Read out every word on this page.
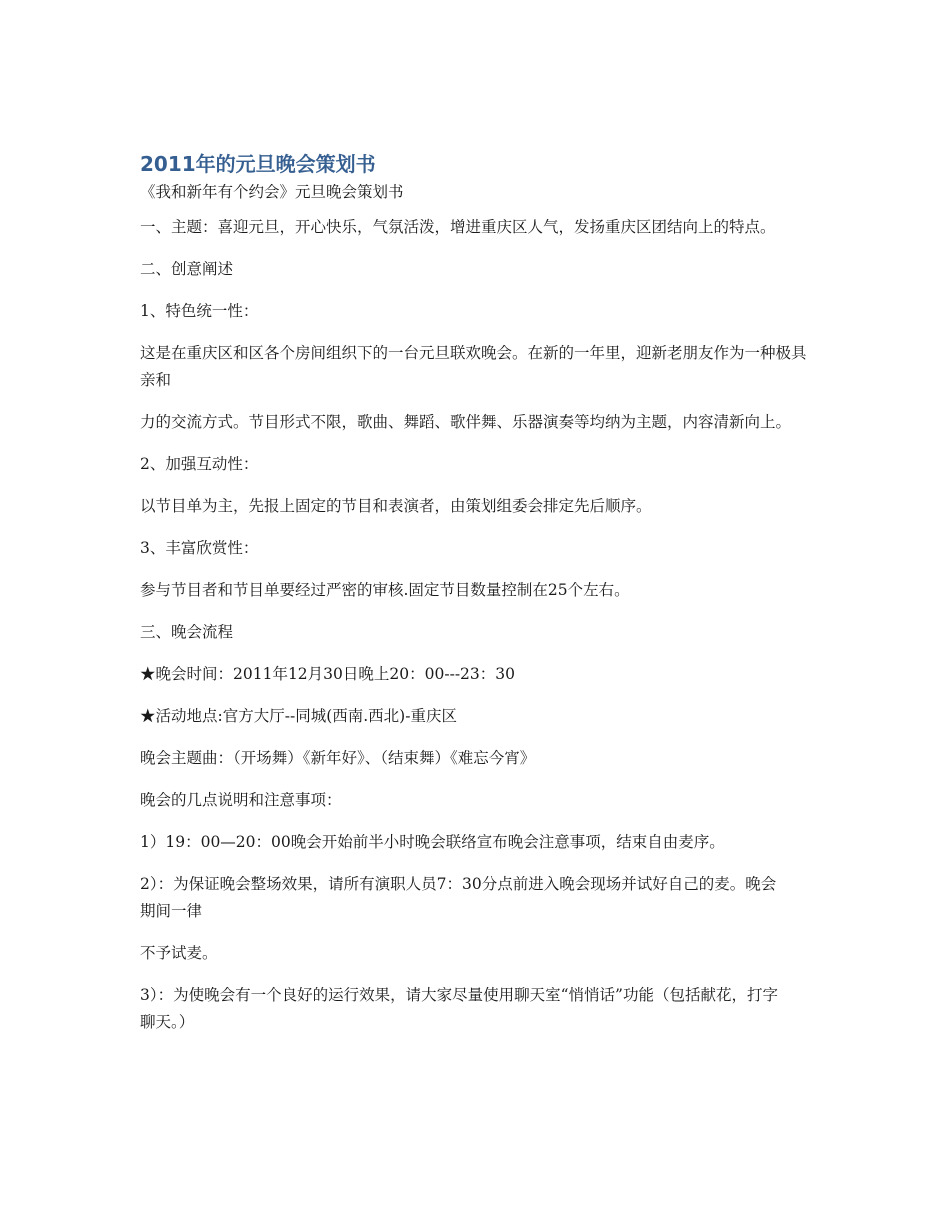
2011年的元旦晚会策划书

《我和新年有个约会》元旦晚会策划书

一、主题：喜迎元旦，开心快乐，气氛活泼，增进重庆区人气，发扬重庆区团结向上的特点。

二、创意阐述

1、特色统一性：

这是在重庆区和区各个房间组织下的一台元旦联欢晚会。在新的一年里，迎新老朋友作为一种极具亲和

力的交流方式。节目形式不限，歌曲、舞蹈、歌伴舞、乐器演奏等均纳为主题，内容清新向上。

2、加强互动性：

以节目单为主，先报上固定的节目和表演者，由策划组委会排定先后顺序。

3、丰富欣赏性：

参与节目者和节目单要经过严密的审核.固定节目数量控制在25个左右。

三、晚会流程

★晚会时间：2011年12月30日晚上20：00---23：30

★活动地点:官方大厅--同城(西南.西北)-重庆区

晚会主题曲：（开场舞）《新年好》、（结束舞）《难忘今宵》

晚会的几点说明和注意事项：

1）19：00—20：00晚会开始前半小时晚会联络宣布晚会注意事项，结束自由麦序。

2）：为保证晚会整场效果，请所有演职人员7：30分点前进入晚会现场并试好自己的麦。晚会期间一律

不予试麦。

3）：为使晚会有一个良好的运行效果，请大家尽量使用聊天室“悄悄话”功能（包括献花，打字聊天。）
